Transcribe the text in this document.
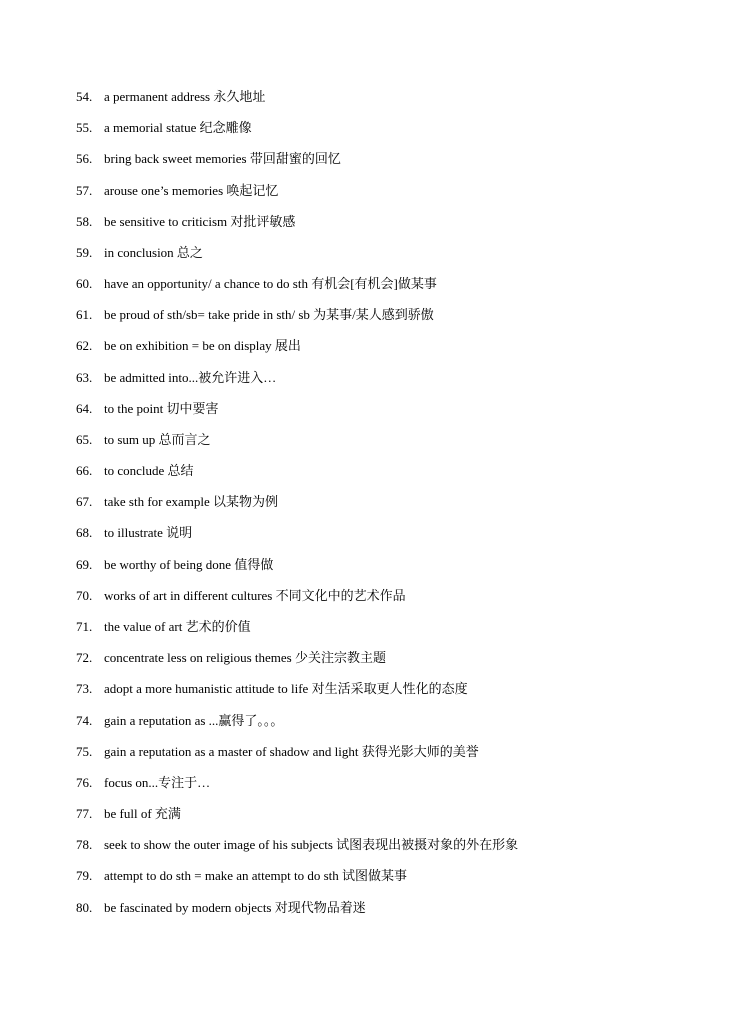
54. a permanent address 永久地址
55. a memorial statue 纪念雕像
56. bring back sweet memories 带回甜蜜的回忆
57. arouse one’s memories 唤起记忆
58. be sensitive to criticism 对批评敏感
59. in conclusion 总之
60. have an opportunity/ a chance to do sth 有机会[有机会]做某事
61. be proud of sth/sb= take pride in sth/ sb 为某事/某人感到骄傲
62. be on exhibition = be on display 展出
63. be admitted into...被允许进入…
64. to the point 切中要害
65. to sum up 总而言之
66. to conclude 总结
67. take sth for example 以某物为例
68. to illustrate 说明
69. be worthy of being done 值得做
70. works of art in different cultures 不同文化中的艺术作品
71. the value of art 艺术的价值
72. concentrate less on religious themes 少关注宗教主题
73. adopt a more humanistic attitude to life 对生活采取更人性化的态度
74. gain a reputation as ...赢得了。。。
75. gain a reputation as a master of shadow and light 获得光影大师的美誉
76. focus on...专注于…
77. be full of 充满
78. seek to show the outer image of his subjects 试图表现出被摄对象的外在形象
79. attempt to do sth = make an attempt to do sth 试图做某事
80. be fascinated by modern objects 对现代物品着迷
